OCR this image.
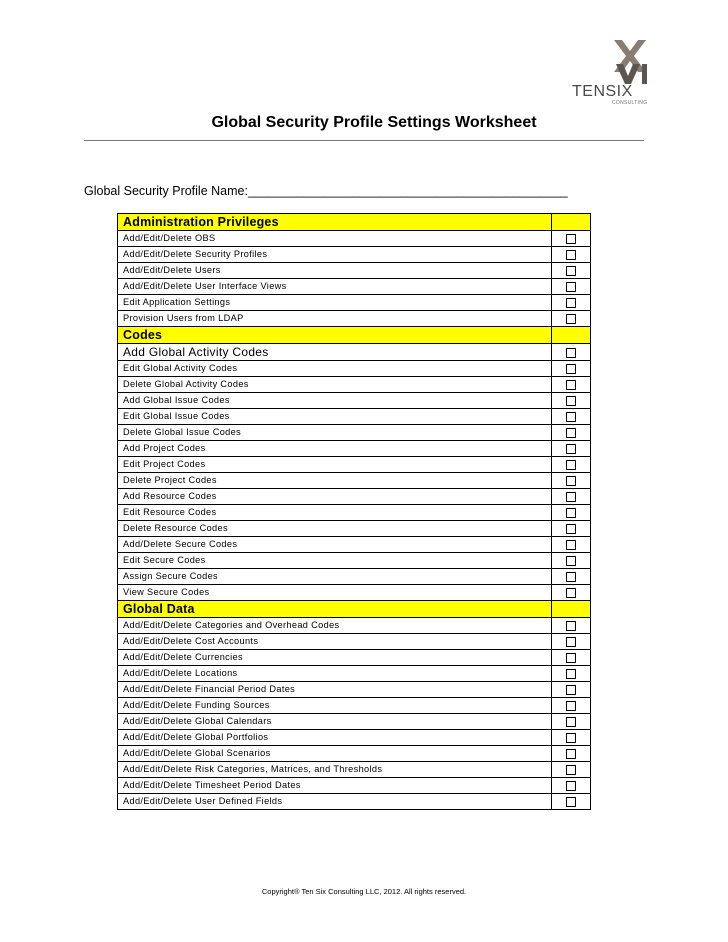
TENSIX
CONSULTING
Global Security Profile Settings Worksheet
Global Security Profile Name:______________________________________________
Administration Privileges	
Add/Edit/Delete OBS	
Add/Edit/Delete Security Profiles	
Add/Edit/Delete Users	
Add/Edit/Delete User Interface Views	
Edit Application Settings	
Provision Users from LDAP	
Codes	
Add Global Activity Codes	
Edit Global Activity Codes	
Delete Global Activity Codes	
Add Global Issue Codes	
Edit Global Issue Codes	
Delete Global Issue Codes	
Add Project Codes	
Edit Project Codes	
Delete Project Codes	
Add Resource Codes	
Edit Resource Codes	
Delete Resource Codes	
Add/Delete Secure Codes	
Edit Secure Codes	
Assign Secure Codes	
View Secure Codes	
Global Data	
Add/Edit/Delete Categories and Overhead Codes	
Add/Edit/Delete Cost Accounts	
Add/Edit/Delete Currencies	
Add/Edit/Delete Locations	
Add/Edit/Delete Financial Period Dates	
Add/Edit/Delete Funding Sources	
Add/Edit/Delete Global Calendars	
Add/Edit/Delete Global Portfolios	
Add/Edit/Delete Global Scenarios	
Add/Edit/Delete Risk Categories, Matrices, and Thresholds	
Add/Edit/Delete Timesheet Period Dates	
Add/Edit/Delete User Defined Fields	
Copyright® Ten Six Consulting LLC, 2012. All rights reserved.
